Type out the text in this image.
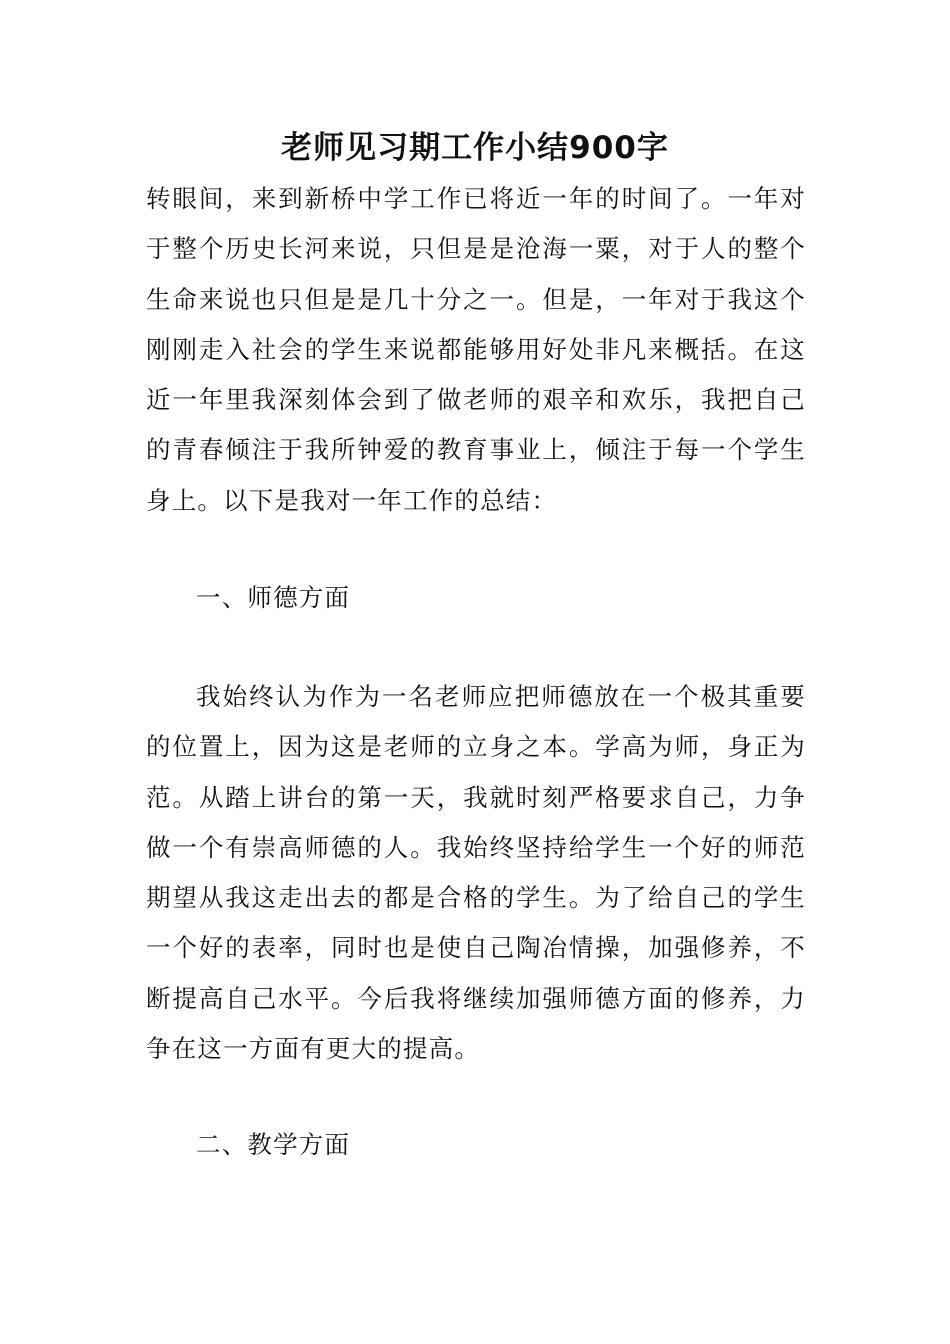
老师见习期工作小结900字

转眼间，来到新桥中学工作已将近一年的时间了。一年对于整个历史长河来说，只但是是沧海一粟，对于人的整个生命来说也只但是是几十分之一。但是，一年对于我这个刚刚走入社会的学生来说都能够用好处非凡来概括。在这近一年里我深刻体会到了做老师的艰辛和欢乐，我把自己的青春倾注于我所钟爱的教育事业上，倾注于每一个学生身上。以下是我对一年工作的总结：

一、师德方面

我始终认为作为一名老师应把师德放在一个极其重要的位置上，因为这是老师的立身之本。学高为师，身正为范。从踏上讲台的第一天，我就时刻严格要求自己，力争做一个有崇高师德的人。我始终坚持给学生一个好的师范期望从我这走出去的都是合格的学生。为了给自己的学生一个好的表率，同时也是使自己陶冶情操，加强修养，不断提高自己水平。今后我将继续加强师德方面的修养，力争在这一方面有更大的提高。

二、教学方面
